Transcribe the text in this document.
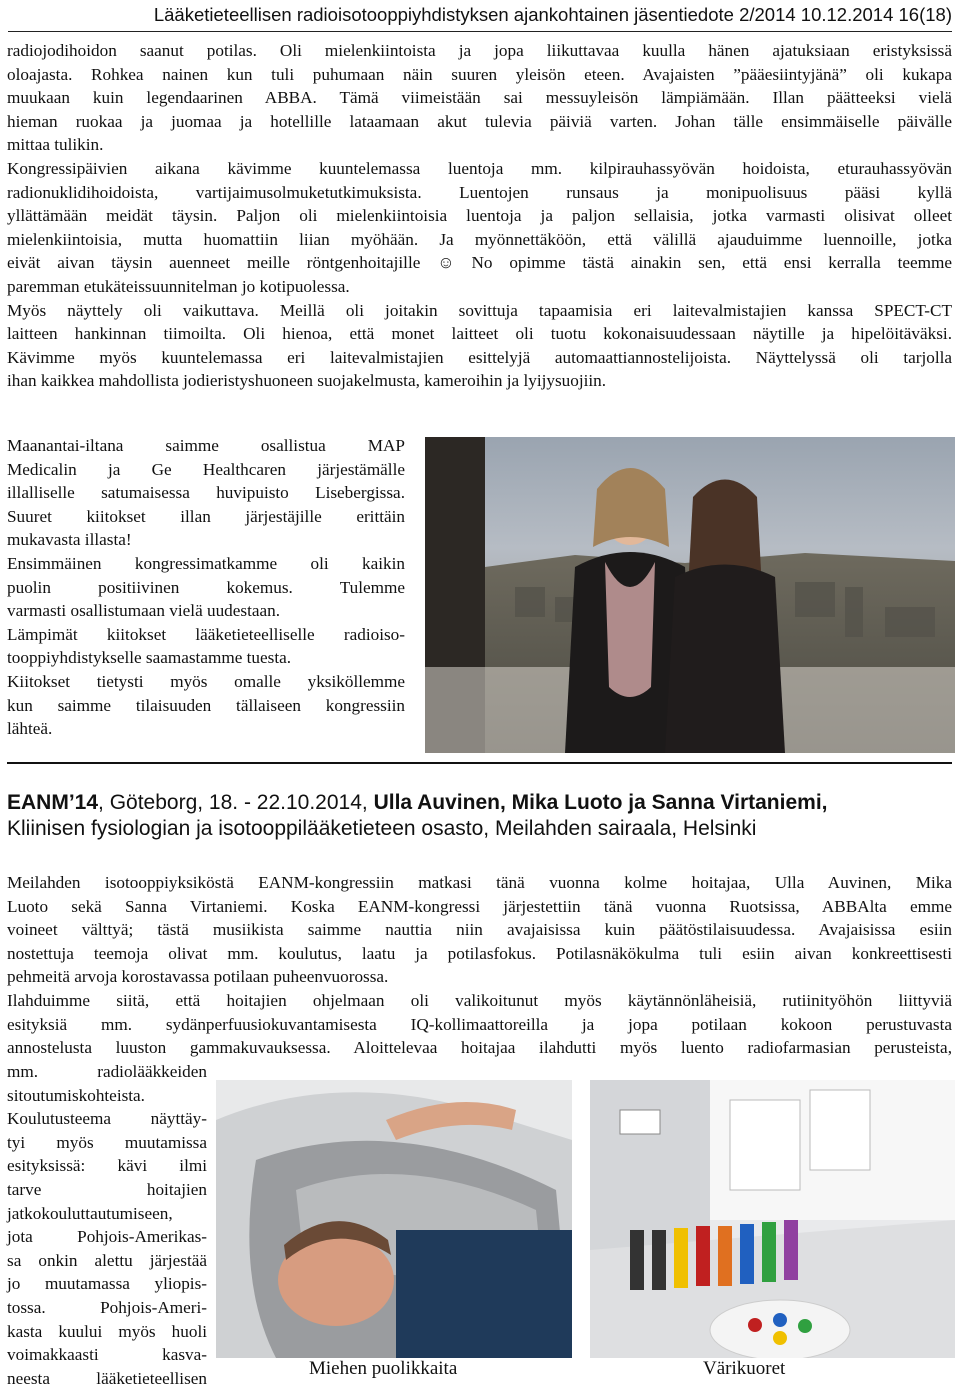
Lääketieteellisen radioisotooppiyhdistyksen ajankohtainen jäsentiedote 2/2014 10.12.2014 16(18)
radiojodihoidon saanut potilas. Oli mielenkiintoista ja jopa liikuttavaa kuulla hänen ajatuksiaan eristyksissä
oloajasta. Rohkea nainen kun tuli puhumaan näin suuren yleisön eteen. Avajaisten ”pääesiintyjänä” oli kukapa
muukaan kuin legendaarinen ABBA. Tämä viimeistään sai messuyleisön lämpiämään. Illan päätteeksi vielä
hieman ruokaa ja juomaa ja hotellille lataamaan akut tulevia päiviä varten. Johan tälle ensimmäiselle päivälle
mittaa tulikin.
Kongressipäivien aikana kävimme kuuntelemassa luentoja mm. kilpirauhassyövän hoidoista, eturauhassyövän
radionuklidihoidoista, vartijaimusolmuketutkimuksista. Luentojen runsaus ja monipuolisuus pääsi kyllä
yllättämään meidät täysin. Paljon oli mielenkiintoisia luentoja ja paljon sellaisia, jotka varmasti olisivat olleet
mielenkiintoisia, mutta huomattiin liian myöhään. Ja myönnettäköön, että välillä ajauduimme luennoille, jotka
eivät aivan täysin auenneet meille röntgenhoitajille ☺ No opimme tästä ainakin sen, että ensi kerralla teemme
paremman etukäteissuunnitelman jo kotipuolessa.
Myös näyttely oli vaikuttava. Meillä oli joitakin sovittuja tapaamisia eri laitevalmistajien kanssa SPECT-CT
laitteen hankinnan tiimoilta. Oli hienoa, että monet laitteet oli tuotu kokonaisuudessaan näytille ja hipelöitäväksi.
Kävimme myös kuuntelemassa eri laitevalmistajien esittelyjä automaattiannostelijoista. Näyttelyssä oli tarjolla
ihan kaikkea mahdollista jodieristyshuoneen suojakelmusta, kameroihin ja lyijysuojiin.
Maanantai-iltana saimme osallistua MAP
Medicalin ja Ge Healthcaren järjestämälle
illalliselle satumaisessa huvipuisto Lisebergissa.
Suuret kiitokset illan järjestäjille erittäin
mukavasta illasta!
Ensimmäinen kongressimatkamme oli kaikin
puolin positiivinen kokemus. Tulemme
varmasti osallistumaan vielä uudestaan.
Lämpimät kiitokset lääketieteelliselle radioiso-
tooppiyhdistykselle saamastamme tuesta.
Kiitokset tietysti myös omalle yksiköllemme
kun saimme tilaisuuden tällaiseen kongressiin
lähteä.
EANM’14, Göteborg, 18. - 22.10.2014, Ulla Auvinen, Mika Luoto ja Sanna Virtaniemi,
Kliinisen fysiologian ja isotooppilääketieteen osasto, Meilahden sairaala, Helsinki
Meilahden isotooppiyksiköstä EANM-kongressiin matkasi tänä vuonna kolme hoitajaa, Ulla Auvinen, Mika
Luoto sekä Sanna Virtaniemi. Koska EANM-kongressi järjestettiin tänä vuonna Ruotsissa, ABBAlta emme
voineet välttyä; tästä musiikista saimme nauttia niin avajaisissa kuin päätöstilaisuudessa. Avajaisissa esiin
nostettuja teemoja olivat mm. koulutus, laatu ja potilasfokus. Potilasnäkökulma tuli esiin aivan konkreettisesti
pehmeitä arvoja korostavassa potilaan puheenvuorossa.
Ilahduimme siitä, että hoitajien ohjelmaan oli valikoitunut myös käytännönläheisiä, rutiinityöhön liittyviä
esityksiä mm. sydänperfuusiokuvantamisesta IQ-kollimaattoreilla ja jopa potilaan kokoon perustuvasta
annostelusta luuston gammakuvauksessa. Aloittelevaa hoitajaa ilahdutti myös luento radiofarmasian perusteista,
mm. radiolääkkeiden
sitoutumiskohteista.
Koulutusteema näyttäy-
tyi myös muutamissa
esityksissä: kävi ilmi
tarve hoitajien
jatkokouluttautumiseen,
jota Pohjois-Amerikas-
sa onkin alettu järjestää
jo muutamassa yliopis-
tossa. Pohjois-Ameri-
kasta kuului myös huoli
voimakkaasti kasva-
neesta lääketieteellisen	Miehen puolikkaita	Värikuoret
